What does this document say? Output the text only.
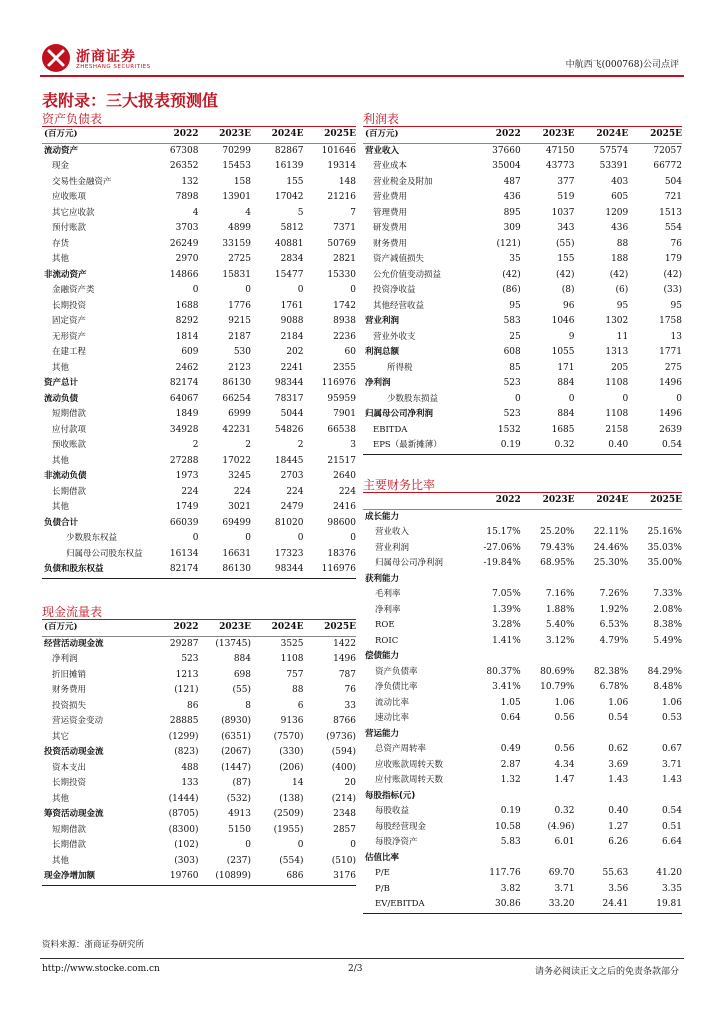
浙商证券
ZHESHANG SECURITIES	中航西飞(000768)公司点评
表附录：三大报表预测值
资产负债表
(百万元)	2022	2023E	2024E	2025E
流动资产	67308	70299	82867	101646
现金	26352	15453	16139	19314
交易性金融资产	132	158	155	148
应收账项	7898	13901	17042	21216
其它应收款	4	4	5	7
预付账款	3703	4899	5812	7371
存货	26249	33159	40881	50769
其他	2970	2725	2834	2821
非流动资产	14866	15831	15477	15330
金融资产类	0	0	0	0
长期投资	1688	1776	1761	1742
固定资产	8292	9215	9088	8938
无形资产	1814	2187	2184	2236
在建工程	609	530	202	60
其他	2462	2123	2241	2355
资产总计	82174	86130	98344	116976
流动负债	64067	66254	78317	95959
短期借款	1849	6999	5044	7901
应付款项	34928	42231	54826	66538
预收账款	2	2	2	3
其他	27288	17022	18445	21517
非流动负债	1973	3245	2703	2640
长期借款	224	224	224	224
其他	1749	3021	2479	2416
负债合计	66039	69499	81020	98600
少数股东权益	0	0	0	0
归属母公司股东权益	16134	16631	17323	18376
负债和股东权益	82174	86130	98344	116976
现金流量表
(百万元)	2022	2023E	2024E	2025E
经营活动现金流	29287	(13745)	3525	1422
净利润	523	884	1108	1496
折旧摊销	1213	698	757	787
财务费用	(121)	(55)	88	76
投资损失	86	8	6	33
营运资金变动	28885	(8930)	9136	8766
其它	(1299)	(6351)	(7570)	(9736)
投资活动现金流	(823)	(2067)	(330)	(594)
资本支出	488	(1447)	(206)	(400)
长期投资	133	(87)	14	20
其他	(1444)	(532)	(138)	(214)
筹资活动现金流	(8705)	4913	(2509)	2348
短期借款	(8300)	5150	(1955)	2857
长期借款	(102)	0	0	0
其他	(303)	(237)	(554)	(510)
现金净增加额	19760	(10899)	686	3176
利润表
(百万元)	2022	2023E	2024E	2025E
营业收入	37660	47150	57574	72057
营业成本	35004	43773	53391	66772
营业税金及附加	487	377	403	504
营业费用	436	519	605	721
管理费用	895	1037	1209	1513
研发费用	309	343	436	554
财务费用	(121)	(55)	88	76
资产减值损失	35	155	188	179
公允价值变动损益	(42)	(42)	(42)	(42)
投资净收益	(86)	(8)	(6)	(33)
其他经营收益	95	96	95	95
营业利润	583	1046	1302	1758
营业外收支	25	9	11	13
利润总额	608	1055	1313	1771
所得税	85	171	205	275
净利润	523	884	1108	1496
少数股东损益	0	0	0	0
归属母公司净利润	523	884	1108	1496
EBITDA	1532	1685	2158	2639
EPS（最新摊薄）	0.19	0.32	0.40	0.54
主要财务比率
	2022	2023E	2024E	2025E
成长能力				
营业收入	15.17%	25.20%	22.11%	25.16%
营业利润	-27.06%	79.43%	24.46%	35.03%
归属母公司净利润	-19.84%	68.95%	25.30%	35.00%
获利能力				
毛利率	7.05%	7.16%	7.26%	7.33%
净利率	1.39%	1.88%	1.92%	2.08%
ROE	3.28%	5.40%	6.53%	8.38%
ROIC	1.41%	3.12%	4.79%	5.49%
偿债能力				
资产负债率	80.37%	80.69%	82.38%	84.29%
净负债比率	3.41%	10.79%	6.78%	8.48%
流动比率	1.05	1.06	1.06	1.06
速动比率	0.64	0.56	0.54	0.53
营运能力				
总资产周转率	0.49	0.56	0.62	0.67
应收账款周转天数	2.87	4.34	3.69	3.71
应付账款周转天数	1.32	1.47	1.43	1.43
每股指标(元)				
每股收益	0.19	0.32	0.40	0.54
每股经营现金	10.58	(4.96)	1.27	0.51
每股净资产	5.83	6.01	6.26	6.64
估值比率				
P/E	117.76	69.70	55.63	41.20
P/B	3.82	3.71	3.56	3.35
EV/EBITDA	30.86	33.20	24.41	19.81
资料来源：浙商证券研究所
http://www.stocke.com.cn	2/3	请务必阅读正文之后的免责条款部分
